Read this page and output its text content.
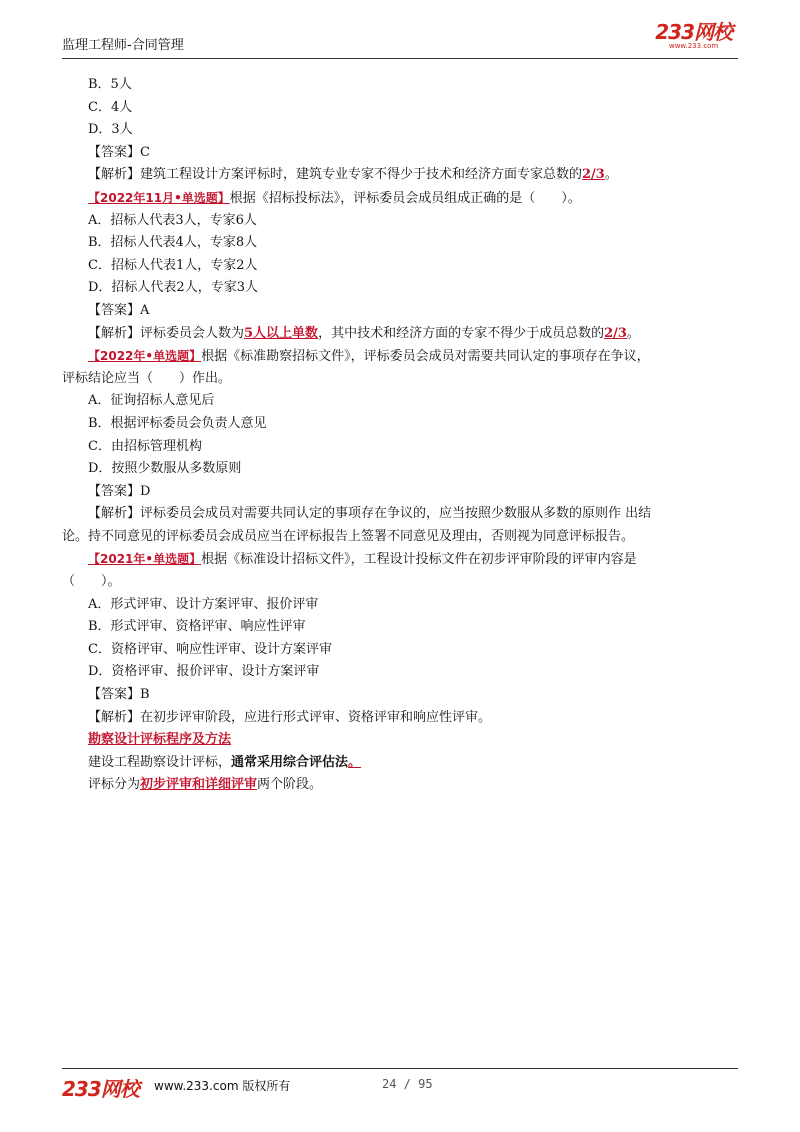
监理工程师-合同管理
233网校
www.233.com
B．5人
C．4人
D．3人
【答案】C
【解析】建筑工程设计方案评标时，建筑专业专家不得少于技术和经济方面专家总数的2/3。
【2022年11月•单选题】根据《招标投标法》，评标委员会成员组成正确的是（　　）。
A．招标人代表3人，专家6人
B．招标人代表4人，专家8人
C．招标人代表1人，专家2人
D．招标人代表2人，专家3人
【答案】A
【解析】评标委员会人数为5人以上单数，其中技术和经济方面的专家不得少于成员总数的2/3。
【2022年•单选题】根据《标准勘察招标文件》，评标委员会成员对需要共同认定的事项存在争议，
评标结论应当（　　）作出。
A．征询招标人意见后
B．根据评标委员会负责人意见
C．由招标管理机构
D．按照少数服从多数原则
【答案】D
【解析】评标委员会成员对需要共同认定的事项存在争议的，应当按照少数服从多数的原则作 出结
论。持不同意见的评标委员会成员应当在评标报告上签署不同意见及理由，否则视为同意评标报告。
【2021年•单选题】根据《标准设计招标文件》，工程设计投标文件在初步评审阶段的评审内容是
（　　）。
A．形式评审、设计方案评审、报价评审
B．形式评审、资格评审、响应性评审
C．资格评审、响应性评审、设计方案评审
D．资格评审、报价评审、设计方案评审
【答案】B
【解析】在初步评审阶段，应进行形式评审、资格评审和响应性评审。
勘察设计评标程序及方法
建设工程勘察设计评标，通常采用综合评估法。
评标分为初步评审和详细评审两个阶段。
233网校 www.233.com 版权所有	24 / 95
